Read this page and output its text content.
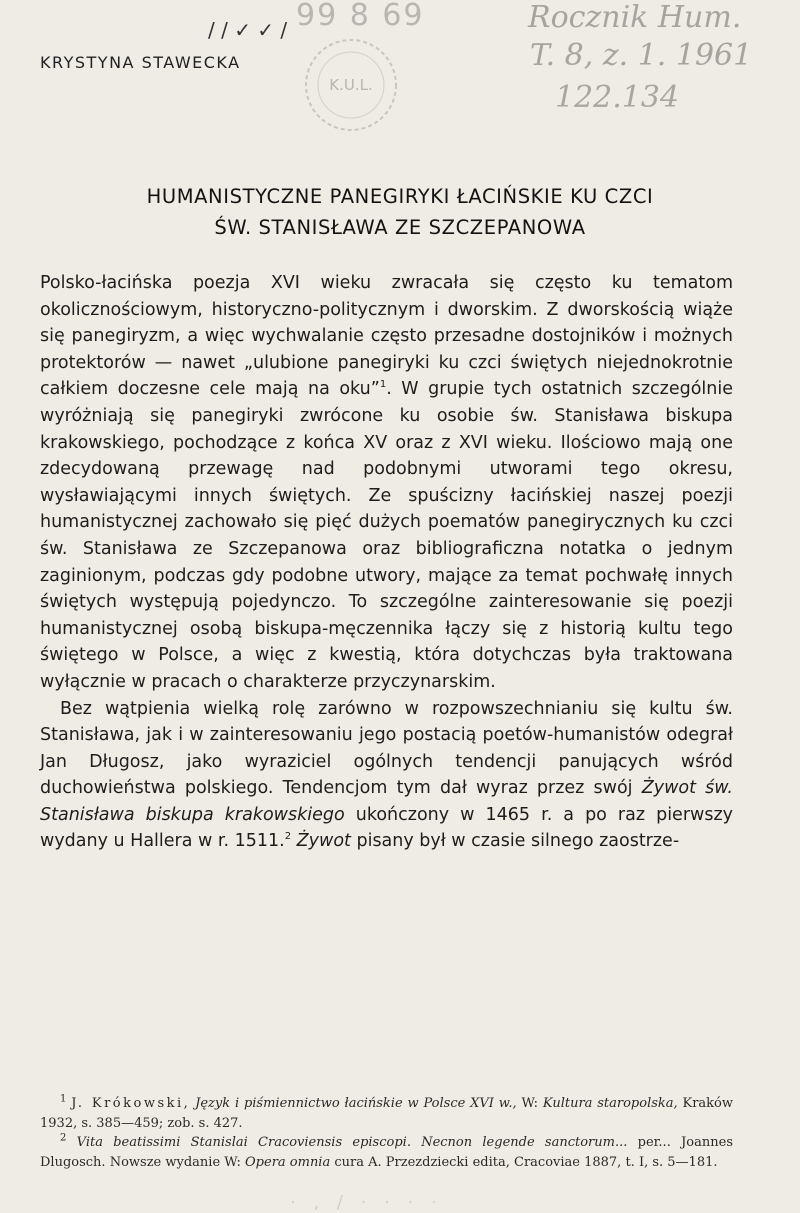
/ / ✓ ✓ /
KRYSTYNA STAWECKA
99 8 69
K.U.L.
Rocznik Hum.
T. 8, z. 1. 1961
122.134
HUMANISTYCZNE PANEGIRYKI ŁACIŃSKIE KU CZCI
ŚW. STANISŁAWA ZE SZCZEPANOWA

Polsko-łacińska poezja XVI wieku zwracała się często ku tematom okolicznościowym, historyczno-politycznym i dworskim. Z dworskością wiąże się panegiryzm, a więc wychwalanie często przesadne dostojników i możnych protektorów — nawet „ulubione panegiryki ku czci świętych niejednokrotnie całkiem doczesne cele mają na oku”$^1$. W grupie tych ostatnich szczególnie wyróżniają się panegiryki zwrócone ku osobie św. Stanisława biskupa krakowskiego, pochodzące z końca XV oraz z XVI wieku. Ilościowo mają one zdecydowaną przewagę nad podobnymi utworami tego okresu, wysławiającymi innych świętych. Ze spuścizny łacińskiej naszej poezji humanistycznej zachowało się pięć dużych poematów panegirycznych ku czci św. Stanisława ze Szczepanowa oraz bibliograficzna notatka o jednym zaginionym, podczas gdy podobne utwory, mające za temat pochwałę innych świętych występują pojedynczo. To szczególne zainteresowanie się poezji humanistycznej osobą biskupa-męczennika łączy się z historią kultu tego świętego w Polsce, a więc z kwestią, która dotychczas była traktowana wyłącznie w pracach o charakterze przyczynarskim.

Bez wątpienia wielką rolę zarówno w rozpowszechnianiu się kultu św. Stanisława, jak i w zainteresowaniu jego postacią poetów-humanistów odegrał Jan Długosz, jako wyraziciel ogólnych tendencji panujących wśród duchowieństwa polskiego. Tendencjom tym dał wyraz przez swój Żywot św. Stanisława biskupa krakowskiego ukończony w 1465 r. a po raz pierwszy wydany u Hallera w r. 1511.$^2$ Żywot pisany był w czasie silnego zaostrze-

$^1$ J. Krókowski, Język i piśmiennictwo łacińskie w Polsce XVI w., W: Kultura staropolska, Kraków 1932, s. 385—459; zob. s. 427.

$^2$ Vita beatissimi Stanislai Cracoviensis episcopi. Necnon legende sanctorum... per... Joannes Dlugosch. Nowsze wydanie W: Opera omnia cura A. Przezdziecki edita, Cracoviae 1887, t. I, s. 5—181.

· , / · · · ·
